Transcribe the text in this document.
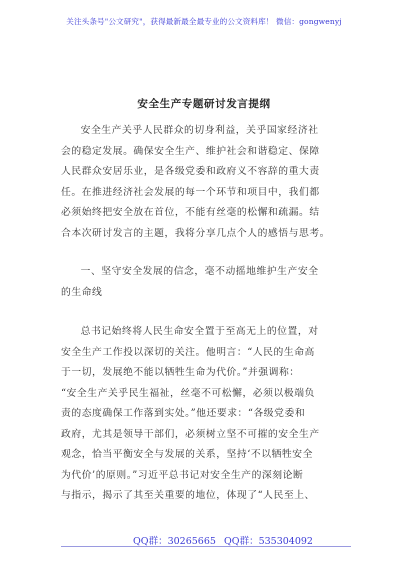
关注头条号"公文研究"，获得最新最全最专业的公文资料库！ 微信：gongwenyj
安全生产专题研讨发言提纲
安全生产关乎人民群众的切身利益，关乎国家经济社
会的稳定发展。确保安全生产、维护社会和谐稳定、保障
人民群众安居乐业，是各级党委和政府义不容辞的重大责
任。在推进经济社会发展的每一个环节和项目中，我们都
必须始终把安全放在首位，不能有丝毫的松懈和疏漏。结
合本次研讨发言的主题，我将分享几点个人的感悟与思考。
一、坚守安全发展的信念，毫不动摇地维护生产安全
的生命线
总书记始终将人民生命安全置于至高无上的位置，对
安全生产工作投以深切的关注。他明言：“人民的生命高
于一切，发展绝不能以牺牲生命为代价。”并强调称：
“安全生产关乎民生福祉，丝毫不可松懈，必须以极端负
责的态度确保工作落到实处。”他还要求：“各级党委和
政府，尤其是领导干部们，必须树立坚不可摧的安全生产
观念，恰当平衡安全与发展的关系，坚持‘不以牺牲安全
为代价’的原则。”习近平总书记对安全生产的深刻论断
与指示，揭示了其至关重要的地位，体现了“人民至上、
QQ群：30265665 QQ群：535304092
